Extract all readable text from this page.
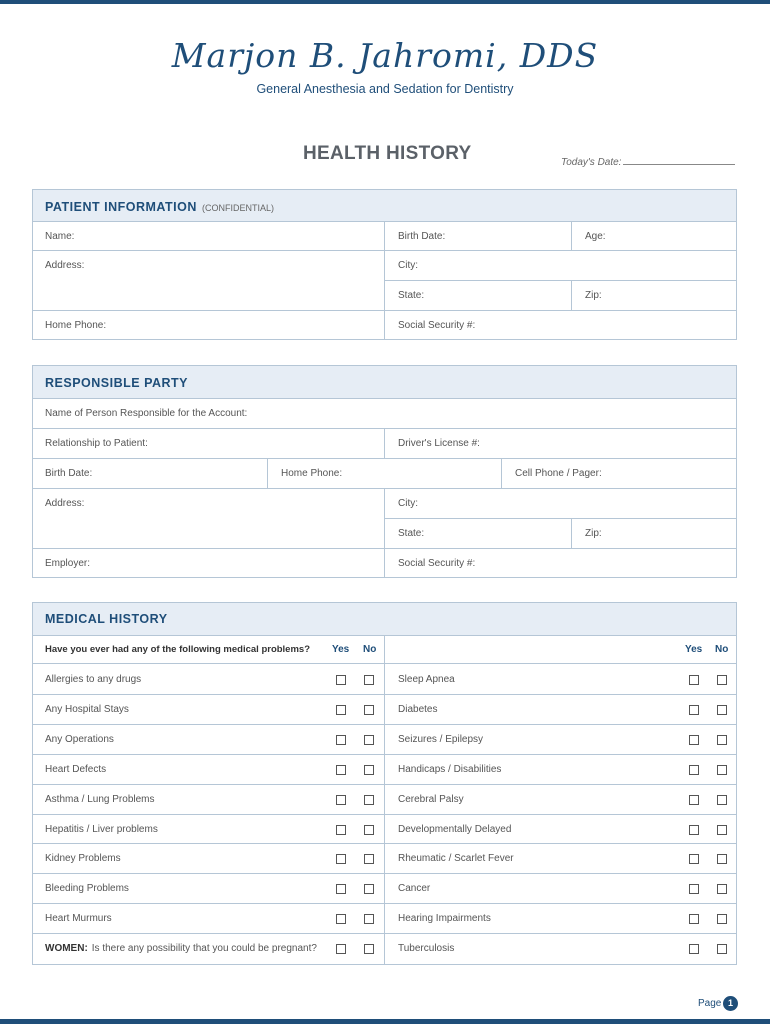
Marjon B. Jahromi, DDS
General Anesthesia and Sedation for Dentistry
HEALTH HISTORY	Today's Date:
PATIENT INFORMATION (CONFIDENTIAL)
Name:	Birth Date:	Age:
Address:	City:
State:	Zip:
Home Phone:	Social Security #:
RESPONSIBLE PARTY
Name of Person Responsible for the Account:
Relationship to Patient:	Driver's License #:
Birth Date:	Home Phone:	Cell Phone / Pager:
Address:	City:
State:	Zip:
Employer:	Social Security #:
MEDICAL HISTORY
Have you ever had any of the following medical problems? Yes No	Yes No
Allergies to any drugs	Sleep Apnea
Any Hospital Stays	Diabetes
Any Operations	Seizures / Epilepsy
Heart Defects	Handicaps / Disabilities
Asthma / Lung Problems	Cerebral Palsy
Hepatitis / Liver problems	Developmentally Delayed
Kidney Problems	Rheumatic / Scarlet Fever
Bleeding Problems	Cancer
Heart Murmurs	Hearing Impairments
WOMEN: Is there any possibility that you could be pregnant?	Tuberculosis
Page 1
